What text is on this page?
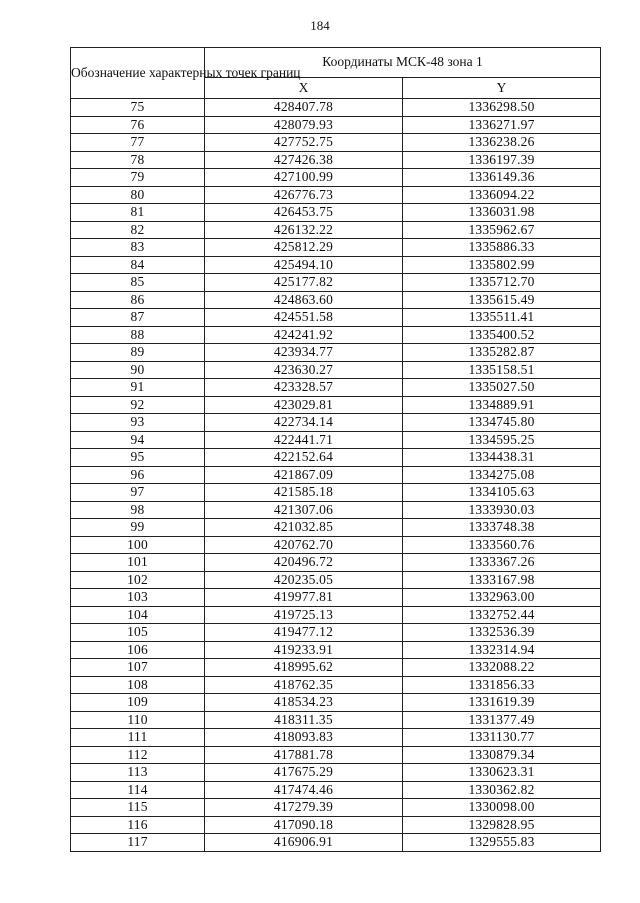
184
Обозначение характерных точек границ	Координаты МСК-48 зона 1	
	X	Y
75	428407.78	1336298.50
76	428079.93	1336271.97
77	427752.75	1336238.26
78	427426.38	1336197.39
79	427100.99	1336149.36
80	426776.73	1336094.22
81	426453.75	1336031.98
82	426132.22	1335962.67
83	425812.29	1335886.33
84	425494.10	1335802.99
85	425177.82	1335712.70
86	424863.60	1335615.49
87	424551.58	1335511.41
88	424241.92	1335400.52
89	423934.77	1335282.87
90	423630.27	1335158.51
91	423328.57	1335027.50
92	423029.81	1334889.91
93	422734.14	1334745.80
94	422441.71	1334595.25
95	422152.64	1334438.31
96	421867.09	1334275.08
97	421585.18	1334105.63
98	421307.06	1333930.03
99	421032.85	1333748.38
100	420762.70	1333560.76
101	420496.72	1333367.26
102	420235.05	1333167.98
103	419977.81	1332963.00
104	419725.13	1332752.44
105	419477.12	1332536.39
106	419233.91	1332314.94
107	418995.62	1332088.22
108	418762.35	1331856.33
109	418534.23	1331619.39
110	418311.35	1331377.49
111	418093.83	1331130.77
112	417881.78	1330879.34
113	417675.29	1330623.31
114	417474.46	1330362.82
115	417279.39	1330098.00
116	417090.18	1329828.95
117	416906.91	1329555.83
